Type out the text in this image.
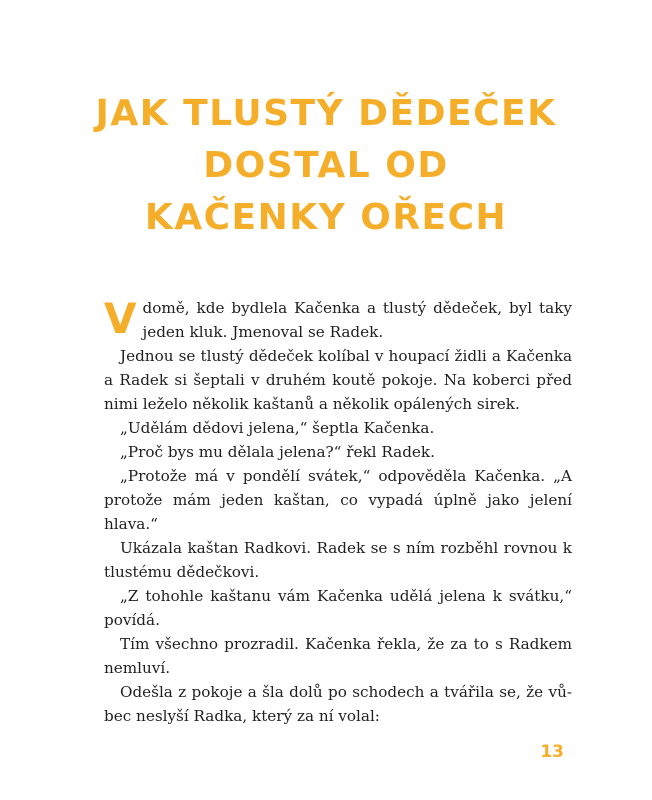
JAK TLUSTÝ DĚDEČEK
DOSTAL OD
KAČENKY OŘECH

Vdomě, kde bydlela Kačenka a tlustý dědeček, byl taky jeden kluk. Jmenoval se Radek.

Jednou se tlustý dědeček kolíbal v houpací židli a Kačenka a Radek si šeptali v druhém koutě pokoje. Na koberci před nimi leželo několik kaštanů a několik opálených sirek.

„Udělám dědovi jelena,“ šeptla Kačenka.

„Proč bys mu dělala jelena?“ řekl Radek.

„Protože má v pondělí svátek,“ odpověděla Kačenka. „A protože mám jeden kaštan, co vypadá úplně jako jelení hlava.“

Ukázala kaštan Radkovi. Radek se s ním rozběhl rovnou k tlustému dědečkovi.

„Z tohohle kaštanu vám Kačenka udělá jelena k svátku,“ povídá.

Tím všechno prozradil. Kačenka řekla, že za to s Radkem nemluví.

Odešla z pokoje a šla dolů po schodech a tvářila se, že vůbec neslyší Radka, který za ní volal:

13
